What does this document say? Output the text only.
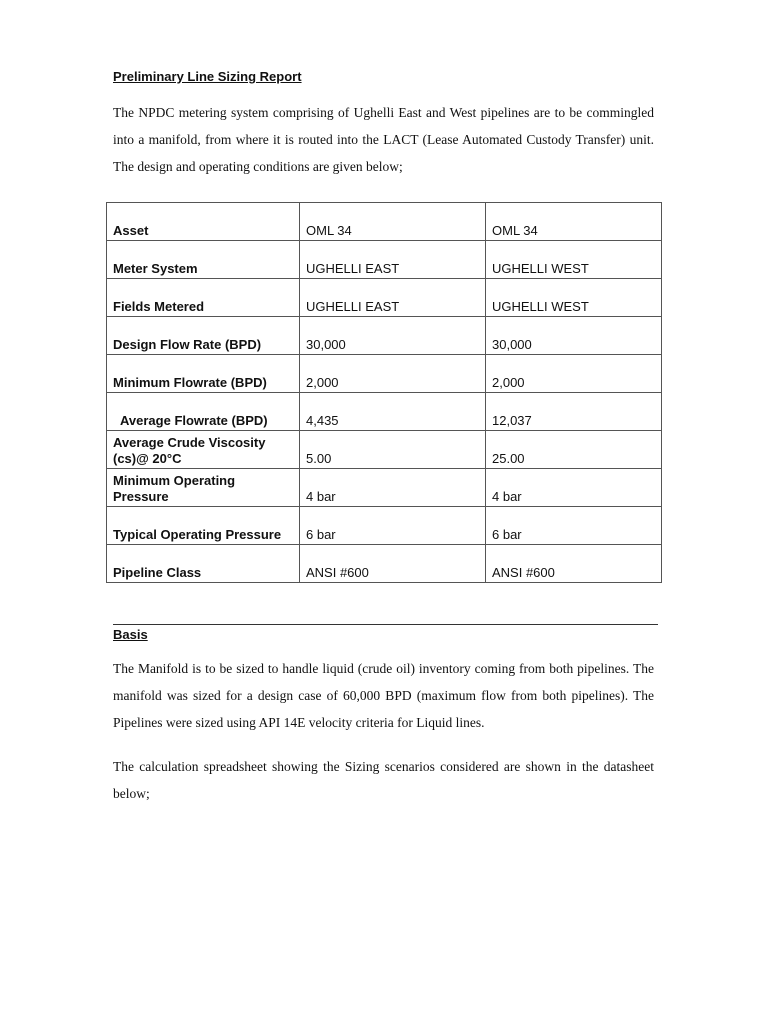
Preliminary Line Sizing Report

The NPDC metering system comprising of Ughelli East and West pipelines are to be commingled into a manifold, from where it is routed into the LACT (Lease Automated Custody Transfer) unit. The design and operating conditions are given below;

Asset	OML 34	OML 34
Meter System	UGHELLI EAST	UGHELLI WEST
Fields Metered	UGHELLI EAST	UGHELLI WEST
Design Flow Rate (BPD)	30,000	30,000
Minimum Flowrate (BPD)	2,000	2,000
Average Flowrate (BPD)	4,435	12,037
Average Crude Viscosity (cs)@ 20°C	5.00	25.00
Minimum Operating Pressure	4 bar	4 bar
Typical Operating Pressure	6 bar	6 bar
Pipeline Class	ANSI #600	ANSI #600

Basis

The Manifold is to be sized to handle liquid (crude oil) inventory coming from both pipelines. The manifold was sized for a design case of 60,000 BPD (maximum flow from both pipelines). The Pipelines were sized using API 14E velocity criteria for Liquid lines.

The calculation spreadsheet showing the Sizing scenarios considered are shown in the datasheet below;
